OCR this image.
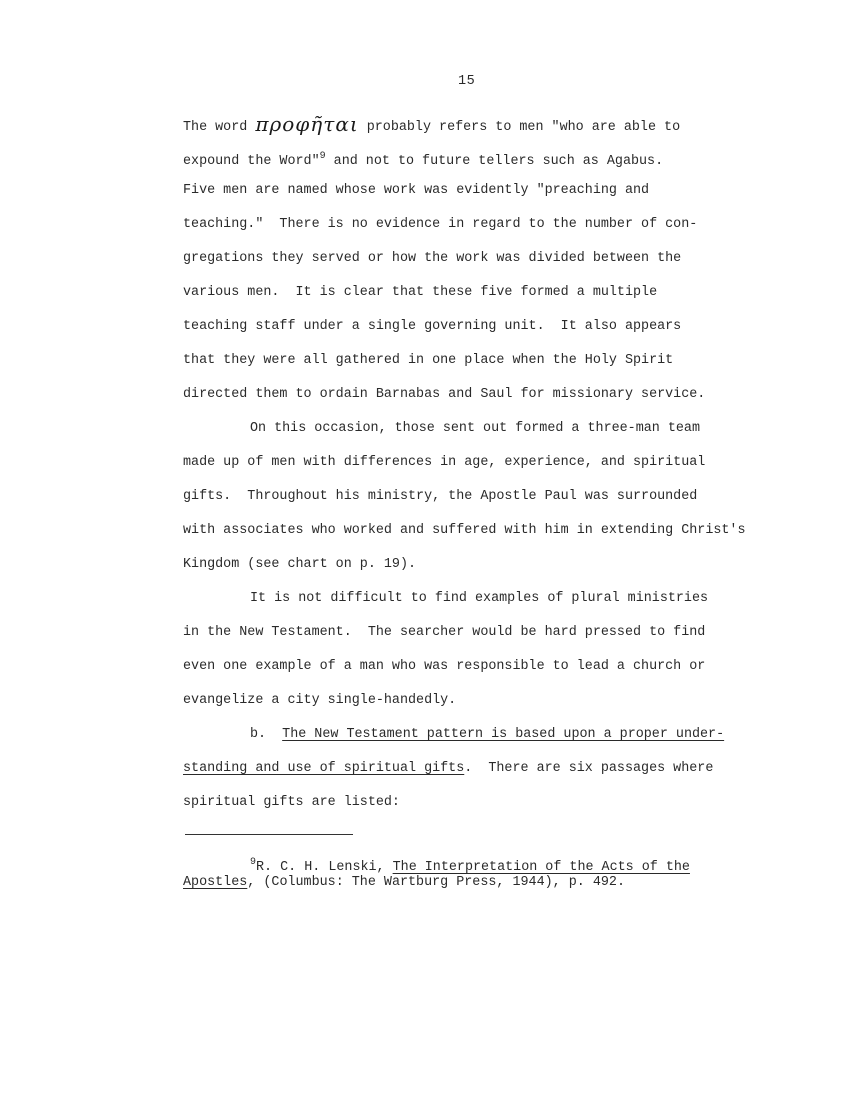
15
The word προφῆται probably refers to men "who are able to
expound the Word"$^9$ and not to future tellers such as Agabus.
Five men are named whose work was evidently "preaching and
teaching."  There is no evidence in regard to the number of con-
gregations they served or how the work was divided between the
various men.  It is clear that these five formed a multiple
teaching staff under a single governing unit.  It also appears
that they were all gathered in one place when the Holy Spirit
directed them to ordain Barnabas and Saul for missionary service.
On this occasion, those sent out formed a three-man team
made up of men with differences in age, experience, and spiritual
gifts.  Throughout his ministry, the Apostle Paul was surrounded
with associates who worked and suffered with him in extending Christ's
Kingdom (see chart on p. 19).
It is not difficult to find examples of plural ministries
in the New Testament.  The searcher would be hard pressed to find
even one example of a man who was responsible to lead a church or
evangelize a city single-handedly.
b.  The New Testament pattern is based upon a proper under-
standing and use of spiritual gifts.  There are six passages where
spiritual gifts are listed:
$^9$R. C. H. Lenski, The Interpretation of the Acts of the
Apostles, (Columbus: The Wartburg Press, 1944), p. 492.
